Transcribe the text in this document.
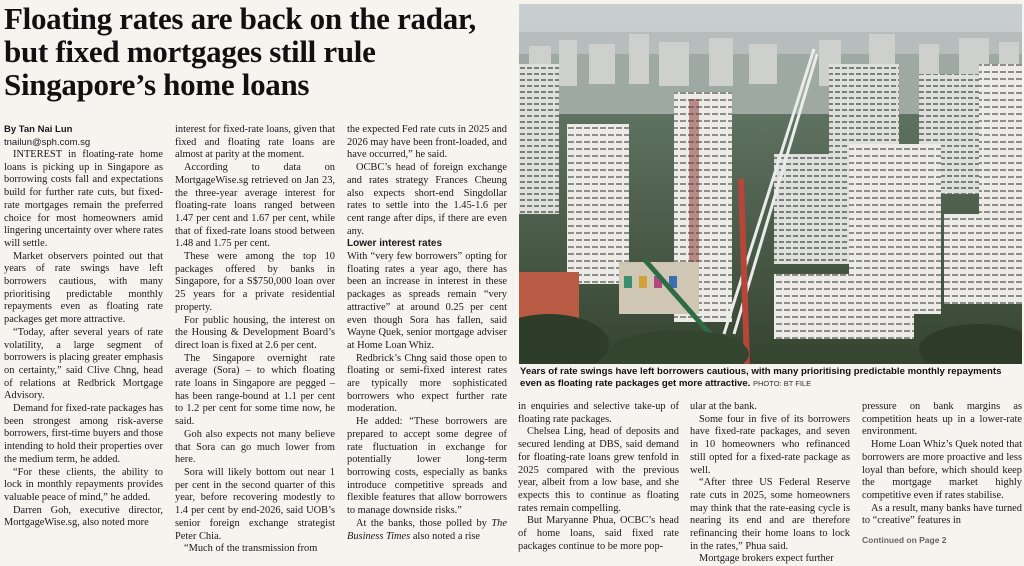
Floating rates are back on the radar, but fixed mortgages still rule Singapore’s home loans

By Tan Nai Lun

tnailun@sph.com.sg

INTEREST in floating-rate home loans is picking up in Singapore as borrowing costs fall and expectations build for further rate cuts, but fixed-rate mortgages remain the preferred choice for most homeowners amid lingering uncertainty over where rates will settle.

Market observers pointed out that years of rate swings have left borrowers cautious, with many prioritising predictable monthly repayments even as floating rate packages get more attractive.

“Today, after several years of rate volatility, a large segment of borrowers is placing greater emphasis on certainty,” said Clive Chng, head of relations at Redbrick Mortgage Advisory.

Demand for fixed-rate packages has been strongest among risk-averse borrowers, first-time buyers and those intending to hold their properties over the medium term, he added.

“For these clients, the ability to lock in monthly repayments provides valuable peace of mind,” he added.

Darren Goh, executive director, MortgageWise.sg, also noted more

interest for fixed-rate loans, given that fixed and floating rate loans are almost at parity at the moment.

According to data on MortgageWise.sg retrieved on Jan 23, the three-year average interest for floating-rate loans ranged between 1.47 per cent and 1.67 per cent, while that of fixed-rate loans stood between 1.48 and 1.75 per cent.

These were among the top 10 packages offered by banks in Singapore, for a S$750,000 loan over 25 years for a private residential property.

For public housing, the interest on the Housing & Development Board’s direct loan is fixed at 2.6 per cent.

The Singapore overnight rate average (Sora) – to which floating rate loans in Singapore are pegged – has been range-bound at 1.1 per cent to 1.2 per cent for some time now, he said.

Goh also expects not many believe that Sora can go much lower from here.

Sora will likely bottom out near 1 per cent in the second quarter of this year, before recovering modestly to 1.4 per cent by end-2026, said UOB’s senior foreign exchange strategist Peter Chia.

“Much of the transmission from

the expected Fed rate cuts in 2025 and 2026 may have been front-loaded, and have occurred,” he said.

OCBC’s head of foreign exchange and rates strategy Frances Cheung also expects short-end Singdollar rates to settle into the 1.45-1.6 per cent range after dips, if there are even any.

Lower interest rates

With “very few borrowers” opting for floating rates a year ago, there has been an increase in interest in these packages as spreads remain “very attractive” at around 0.25 per cent even though Sora has fallen, said Wayne Quek, senior mortgage adviser at Home Loan Whiz.

Redbrick’s Chng said those open to floating or semi-fixed interest rates are typically more sophisticated borrowers who expect further rate moderation.

He added: “These borrowers are prepared to accept some degree of rate fluctuation in exchange for potentially lower long-term borrowing costs, especially as banks introduce competitive spreads and flexible features that allow borrowers to manage downside risks.”

At the banks, those polled by The Business Times also noted a rise

Years of rate swings have left borrowers cautious, with many prioritising predictable monthly repayments even as floating rate packages get more attractive. PHOTO: BT FILE

in enquiries and selective take-up of floating rate packages.

Chelsea Ling, head of deposits and secured lending at DBS, said demand for floating-rate loans grew tenfold in 2025 compared with the previous year, albeit from a low base, and she expects this to continue as floating rates remain compelling.

But Maryanne Phua, OCBC’s head of home loans, said fixed rate packages continue to be more pop-

ular at the bank.

Some four in five of its borrowers have fixed-rate packages, and seven in 10 homeowners who refinanced still opted for a fixed-rate package as well.

“After three US Federal Reserve rate cuts in 2025, some homeowners may think that the rate-easing cycle is nearing its end and are therefore refinancing their home loans to lock in the rates,” Phua said.

Mortgage brokers expect further

pressure on bank margins as competition heats up in a lower-rate environment.

Home Loan Whiz’s Quek noted that borrowers are more proactive and less loyal than before, which should keep the mortgage market highly competitive even if rates stabilise.

As a result, many banks have turned to “creative” features in

Continued on Page 2
